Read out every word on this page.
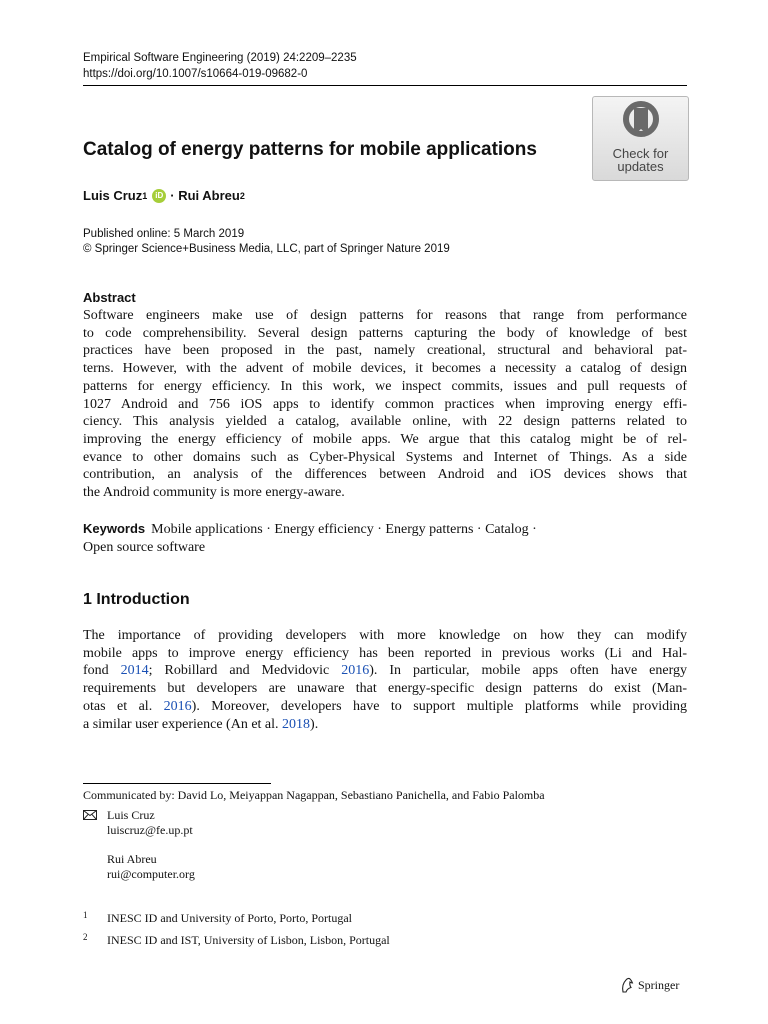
Empirical Software Engineering (2019) 24:2209–2235
https://doi.org/10.1007/s10664-019-09682-0
Check for
updates
Catalog of energy patterns for mobile applications
Luis Cruz 1	iD ·
Rui Abreu 2
Published online: 5 March 2019
© Springer Science+Business Media, LLC, part of Springer Nature 2019
Abstract
Software engineers make use of design patterns for reasons that range from performance
to code comprehensibility. Several design patterns capturing the body of knowledge of best
practices have been proposed in the past, namely creational, structural and behavioral pat-
terns. However, with the advent of mobile devices, it becomes a necessity a catalog of design
patterns for energy efficiency. In this work, we inspect commits, issues and pull requests of
1027 Android and 756 iOS apps to identify common practices when improving energy effi-
ciency. This analysis yielded a catalog, available online, with 22 design patterns related to
improving the energy efficiency of mobile apps. We argue that this catalog might be of rel-
evance to other domains such as Cyber-Physical Systems and Internet of Things. As a side
contribution, an analysis of the differences between Android and iOS devices shows that
the Android community is more energy-aware.
Keywords Mobile applications · Energy efficiency · Energy patterns · Catalog ·
Open source software
1 Introduction
The importance of providing developers with more knowledge on how they can modify
mobile apps to improve energy efficiency has been reported in previous works (Li and Hal-
fond 2014; Robillard and Medvidovic 2016). In particular, mobile apps often have energy
requirements but developers are unaware that energy-specific design patterns do exist (Man-
otas et al. 2016). Moreover, developers have to support multiple platforms while providing
a similar user experience (An et al. 2018).
Communicated by: David Lo, Meiyappan Nagappan, Sebastiano Panichella, and Fabio Palomba
Luis Cruz
luiscruz@fe.up.pt
Rui Abreu
rui@computer.org
1 INESC ID and University of Porto, Porto, Portugal
2 INESC ID and IST, University of Lisbon, Lisbon, Portugal
Springer
